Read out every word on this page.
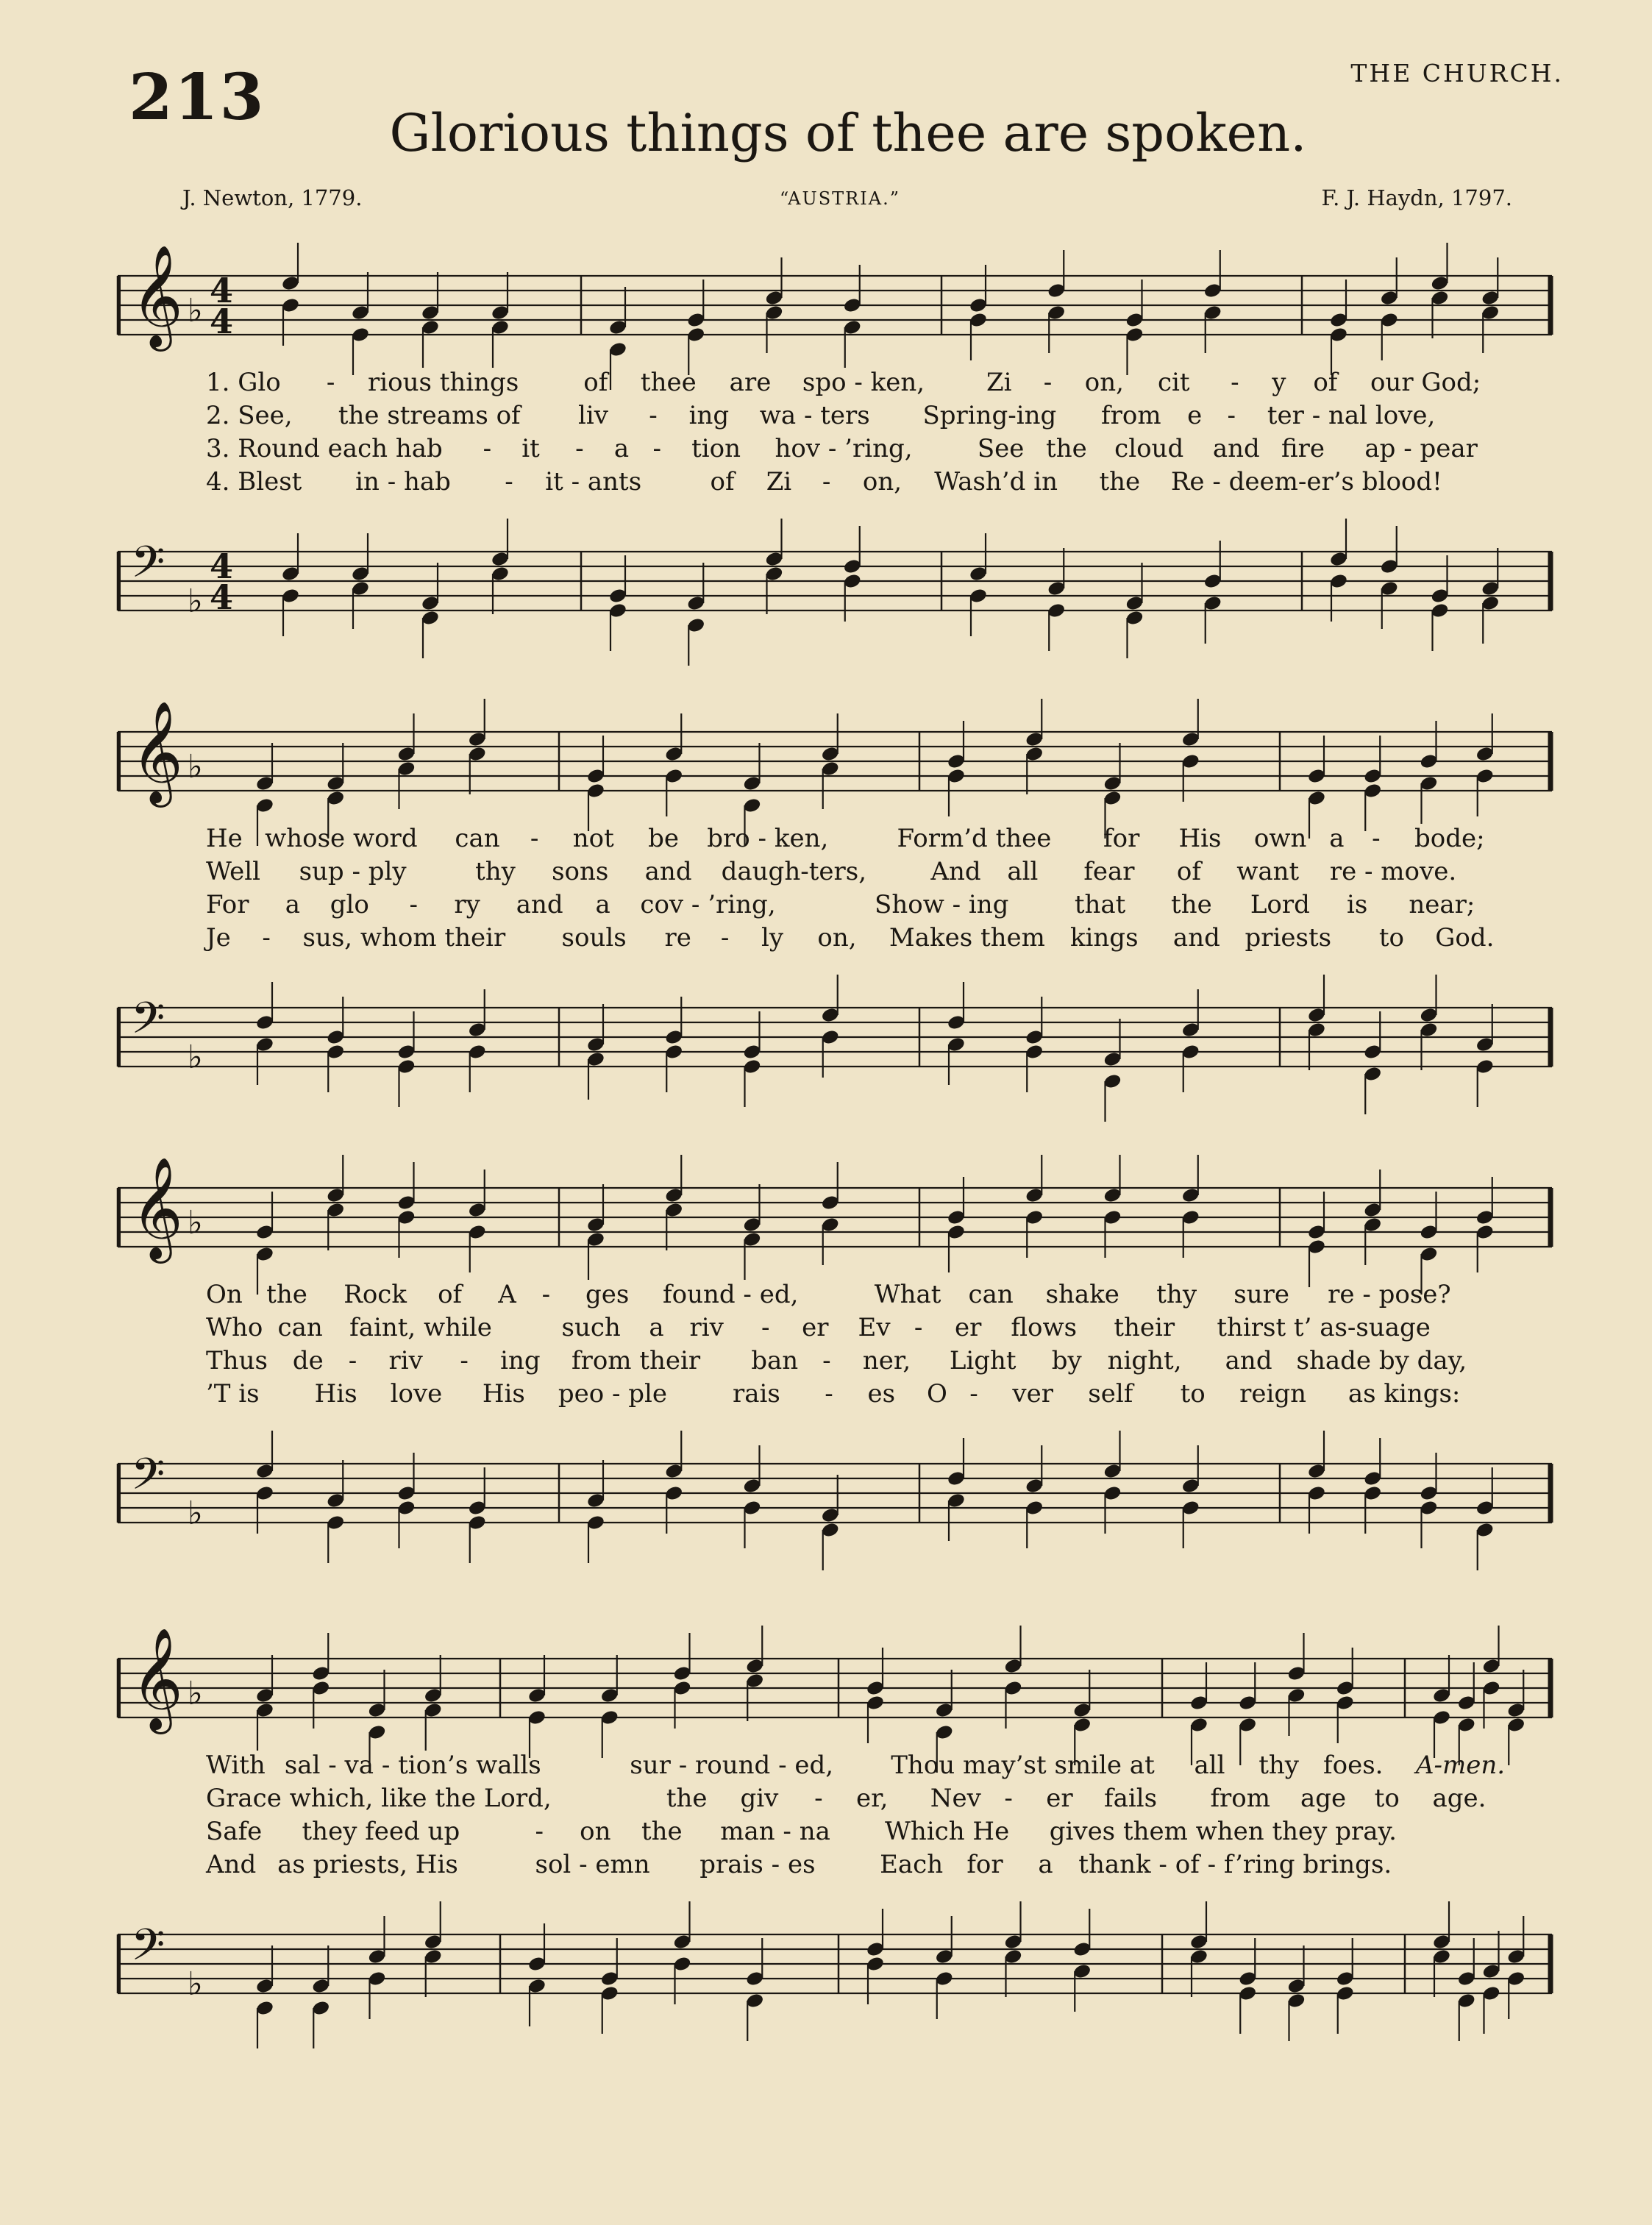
213	THE CHURCH.
Glorious things of thee are spoken.
J. Newton, 1779.	“AUSTRIA.”	F. J. Haydn, 1797.
𝄞 ♭
4
4
𝄢
♭
4
4
1. Glo - rious things	of thee are spo - ken, Zi - on, cit - y of our God;
2. See, the streams of liv - ing wa - ters Spring-ing from e - ter - nal love,
3. Round each hab - it - a - tion hov - ’ring,	See the cloud and fire ap - pear
4. Blest in - hab - it - ants	of Zi - on, Wash’d in the Re - deem-er’s blood!
𝄞 ♭
𝄢
♭
He whose word can - not be bro - ken,	Form’d thee for His own a - bode;
Well sup - ply	thy sons and daugh-ters,	And all fear of want re - move.
For a glo - ry and a cov - ’ring,	Show - ing	that the Lord is near;
Je - sus, whom their souls re - ly on, Makes them kings and priests to God.
𝄞 ♭
𝄢
♭
On the Rock of A - ges found - ed,	What can shake thy sure re - pose?
Who can faint, while	such a riv - er Ev - er flows their thirst t’ as-suage
Thus de - riv - ing from their ban - ner, Light by night, and shade by day,
’T is His love His peo - ple	rais - es O - ver self to reign as kings:
𝄞 ♭
𝄢
♭
With sal - va - tion’s walls	sur - round - ed, Thou may’st smile at all thy foes. A-men.
Grace which, like the Lord,	the giv - er, Nev - er fails from age to age.
Safe they feed up	- on the man - na Which He gives them when they pray.
And as priests, His	sol - emn prais - es	Each for a thank - of - f’ring brings.
